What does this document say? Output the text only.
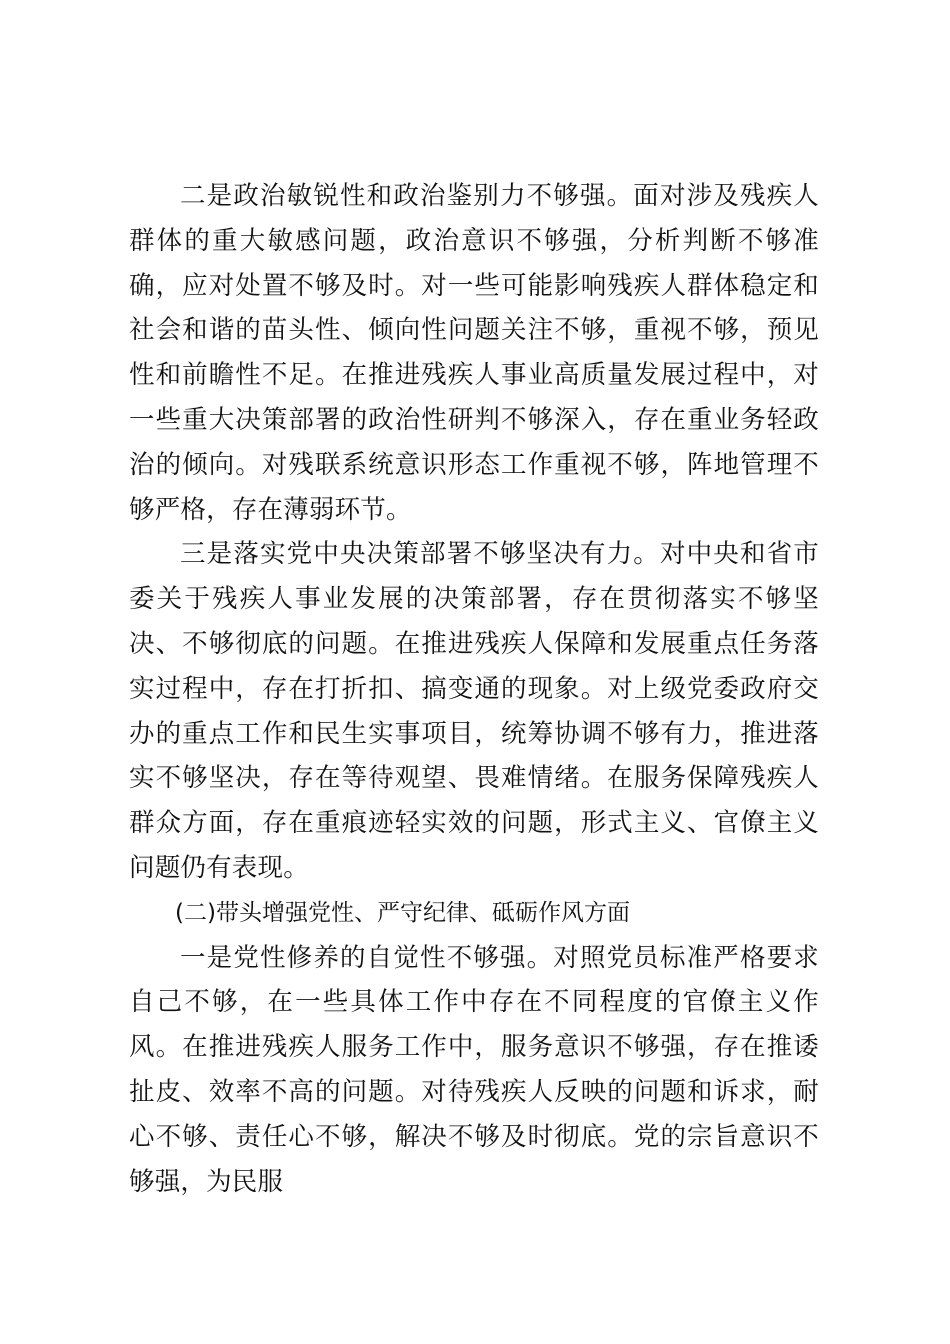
二是政治敏锐性和政治鉴别力不够强。面对涉及残疾人群体的重大敏感问题，政治意识不够强，分析判断不够准确，应对处置不够及时。对一些可能影响残疾人群体稳定和社会和谐的苗头性、倾向性问题关注不够，重视不够，预见性和前瞻性不足。在推进残疾人事业高质量发展过程中，对一些重大决策部署的政治性研判不够深入，存在重业务轻政治的倾向。对残联系统意识形态工作重视不够，阵地管理不够严格，存在薄弱环节。

三是落实党中央决策部署不够坚决有力。对中央和省市委关于残疾人事业发展的决策部署，存在贯彻落实不够坚决、不够彻底的问题。在推进残疾人保障和发展重点任务落实过程中，存在打折扣、搞变通的现象。对上级党委政府交办的重点工作和民生实事项目，统筹协调不够有力，推进落实不够坚决，存在等待观望、畏难情绪。在服务保障残疾人群众方面，存在重痕迹轻实效的问题，形式主义、官僚主义问题仍有表现。

(二)带头增强党性、严守纪律、砥砺作风方面

一是党性修养的自觉性不够强。对照党员标准严格要求自己不够，在一些具体工作中存在不同程度的官僚主义作风。在推进残疾人服务工作中，服务意识不够强，存在推诿扯皮、效率不高的问题。对待残疾人反映的问题和诉求，耐心不够、责任心不够，解决不够及时彻底。党的宗旨意识不够强，为民服
